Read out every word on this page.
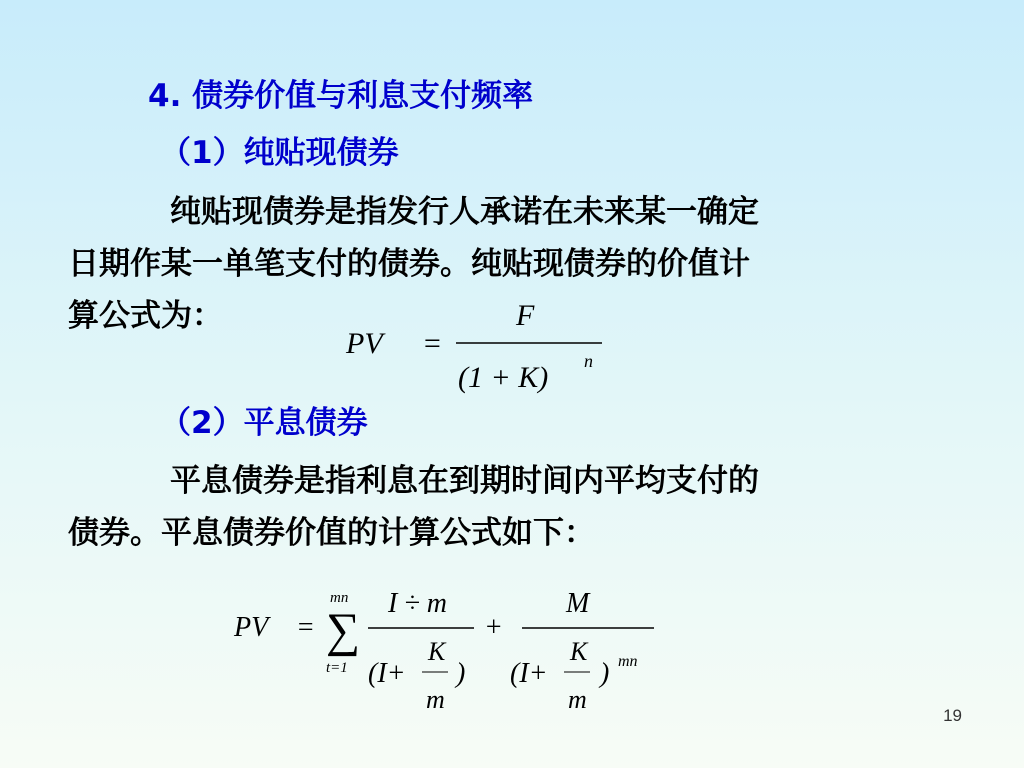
4. 债券价值与利息支付频率
（1）纯贴现债券
纯贴现债券是指发行人承诺在未来某一确定
日期作某一单笔支付的债券。纯贴现债券的价值计
算公式为：
PV =
F
(1 + K) n
（2）平息债券
平息债券是指利息在到期时间内平均支付的
债券。平息债券价值的计算公式如下：
PV =
mn
∑
t=1
I ÷ m
(I+
K
m
)
+
M
(I+
K
m
) mn
19
